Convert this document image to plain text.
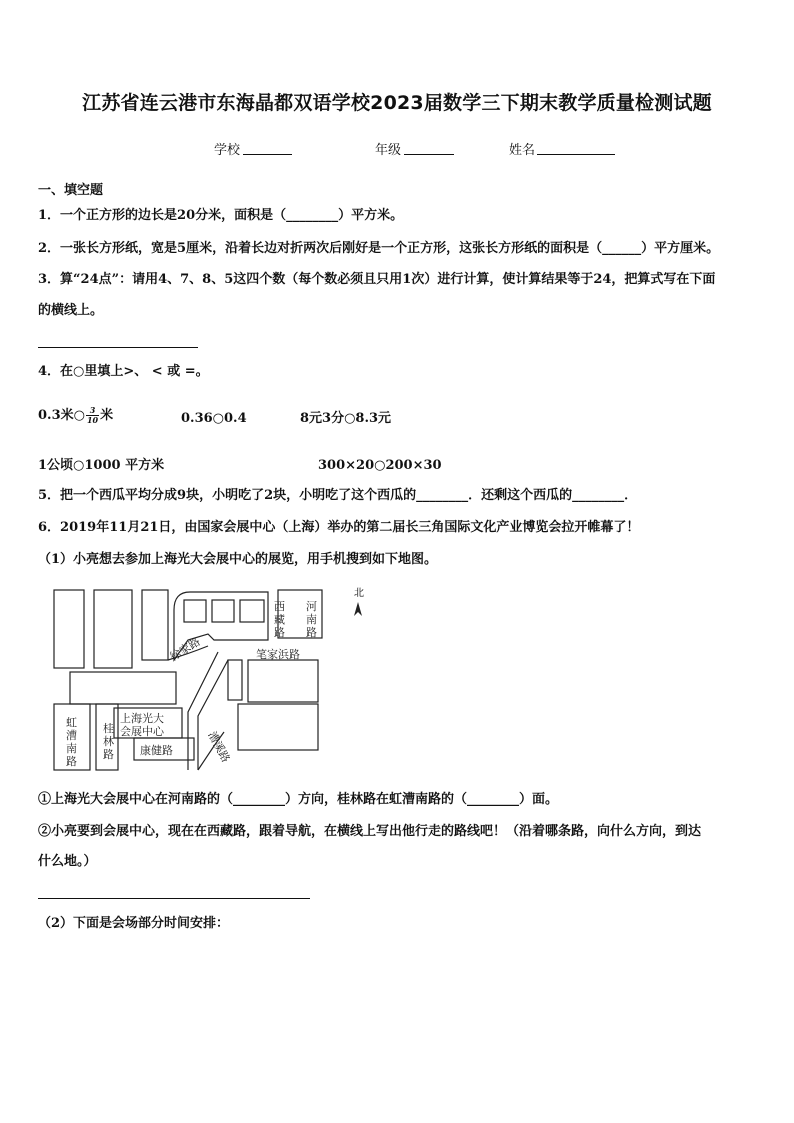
江苏省连云港市东海晶都双语学校2023届数学三下期末教学质量检测试题
学校	年级	姓名
一、填空题
1．一个正方形的边长是20分米，面积是（________）平方米。
2．一张长方形纸，宽是5厘米，沿着长边对折两次后刚好是一个正方形，这张长方形纸的面积是（______）平方厘米。
3．算“24点”：请用4、7、8、5这四个数（每个数必须且只用1次）进行计算，使计算结果等于24，把算式写在下面
的横线上。
4．在○里填上>、 < 或 =。
0.3米○ $\frac{3}{10}$ 米	0.36○0.4	8元3分○8.3元
1公顷○1000 平方米	300×20○200×30
5．把一个西瓜平均分成9块，小明吃了2块，小明吃了这个西瓜的________．还剩这个西瓜的________．
6．2019年11月21日，由国家会展中心（上海）举办的第二届长三角国际文化产业博览会拉开帷幕了！
（1）小亮想去参加上海光大会展中心的展览，用手机搜到如下地图。
北
西藏路
河南路
虹漕南路
桂林路
徐家路
漕溪路
笔家浜路
上海光大
会展中心
康健路
①上海光大会展中心在河南路的（________）方向，桂林路在虹漕南路的（________）面。
②小亮要到会展中心，现在在西藏路，跟着导航，在横线上写出他行走的路线吧！（沿着哪条路，向什么方向，到达
什么地。）
（2）下面是会场部分时间安排：
